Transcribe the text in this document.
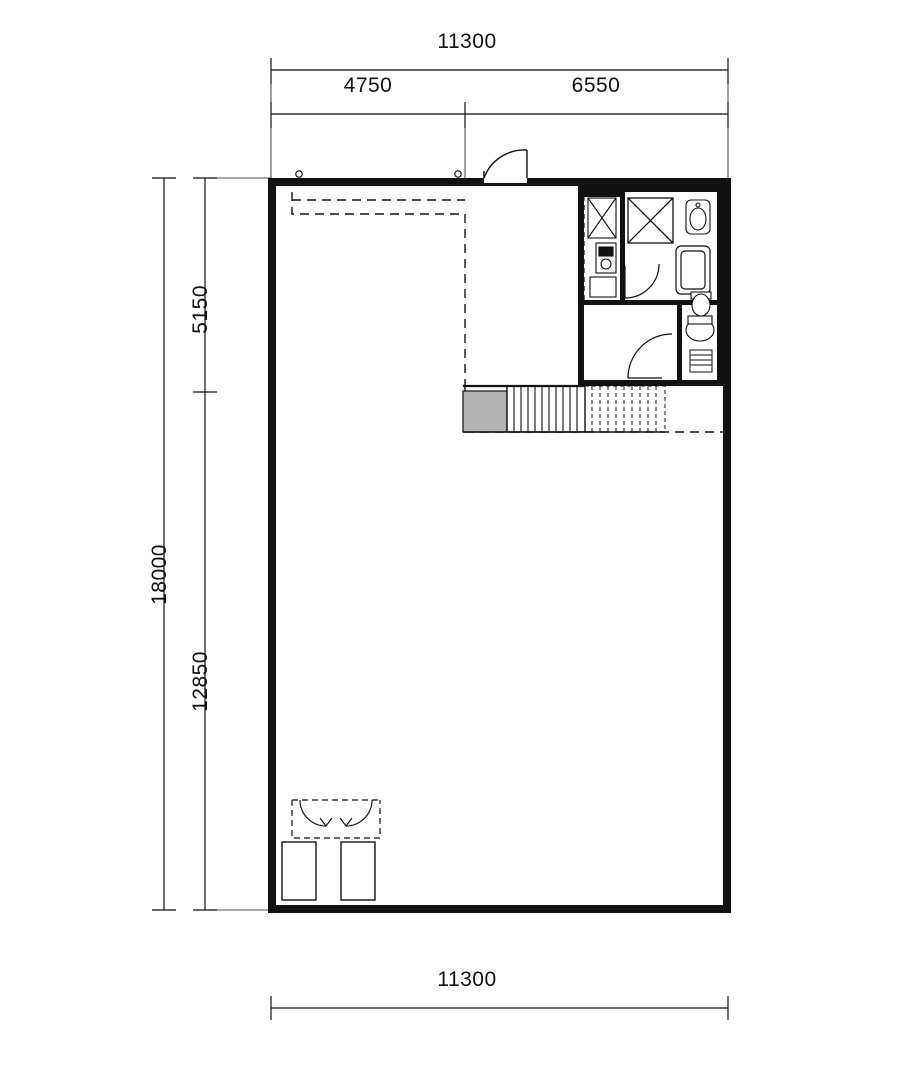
11300
4750	6550
18000
5150
12850
11300
